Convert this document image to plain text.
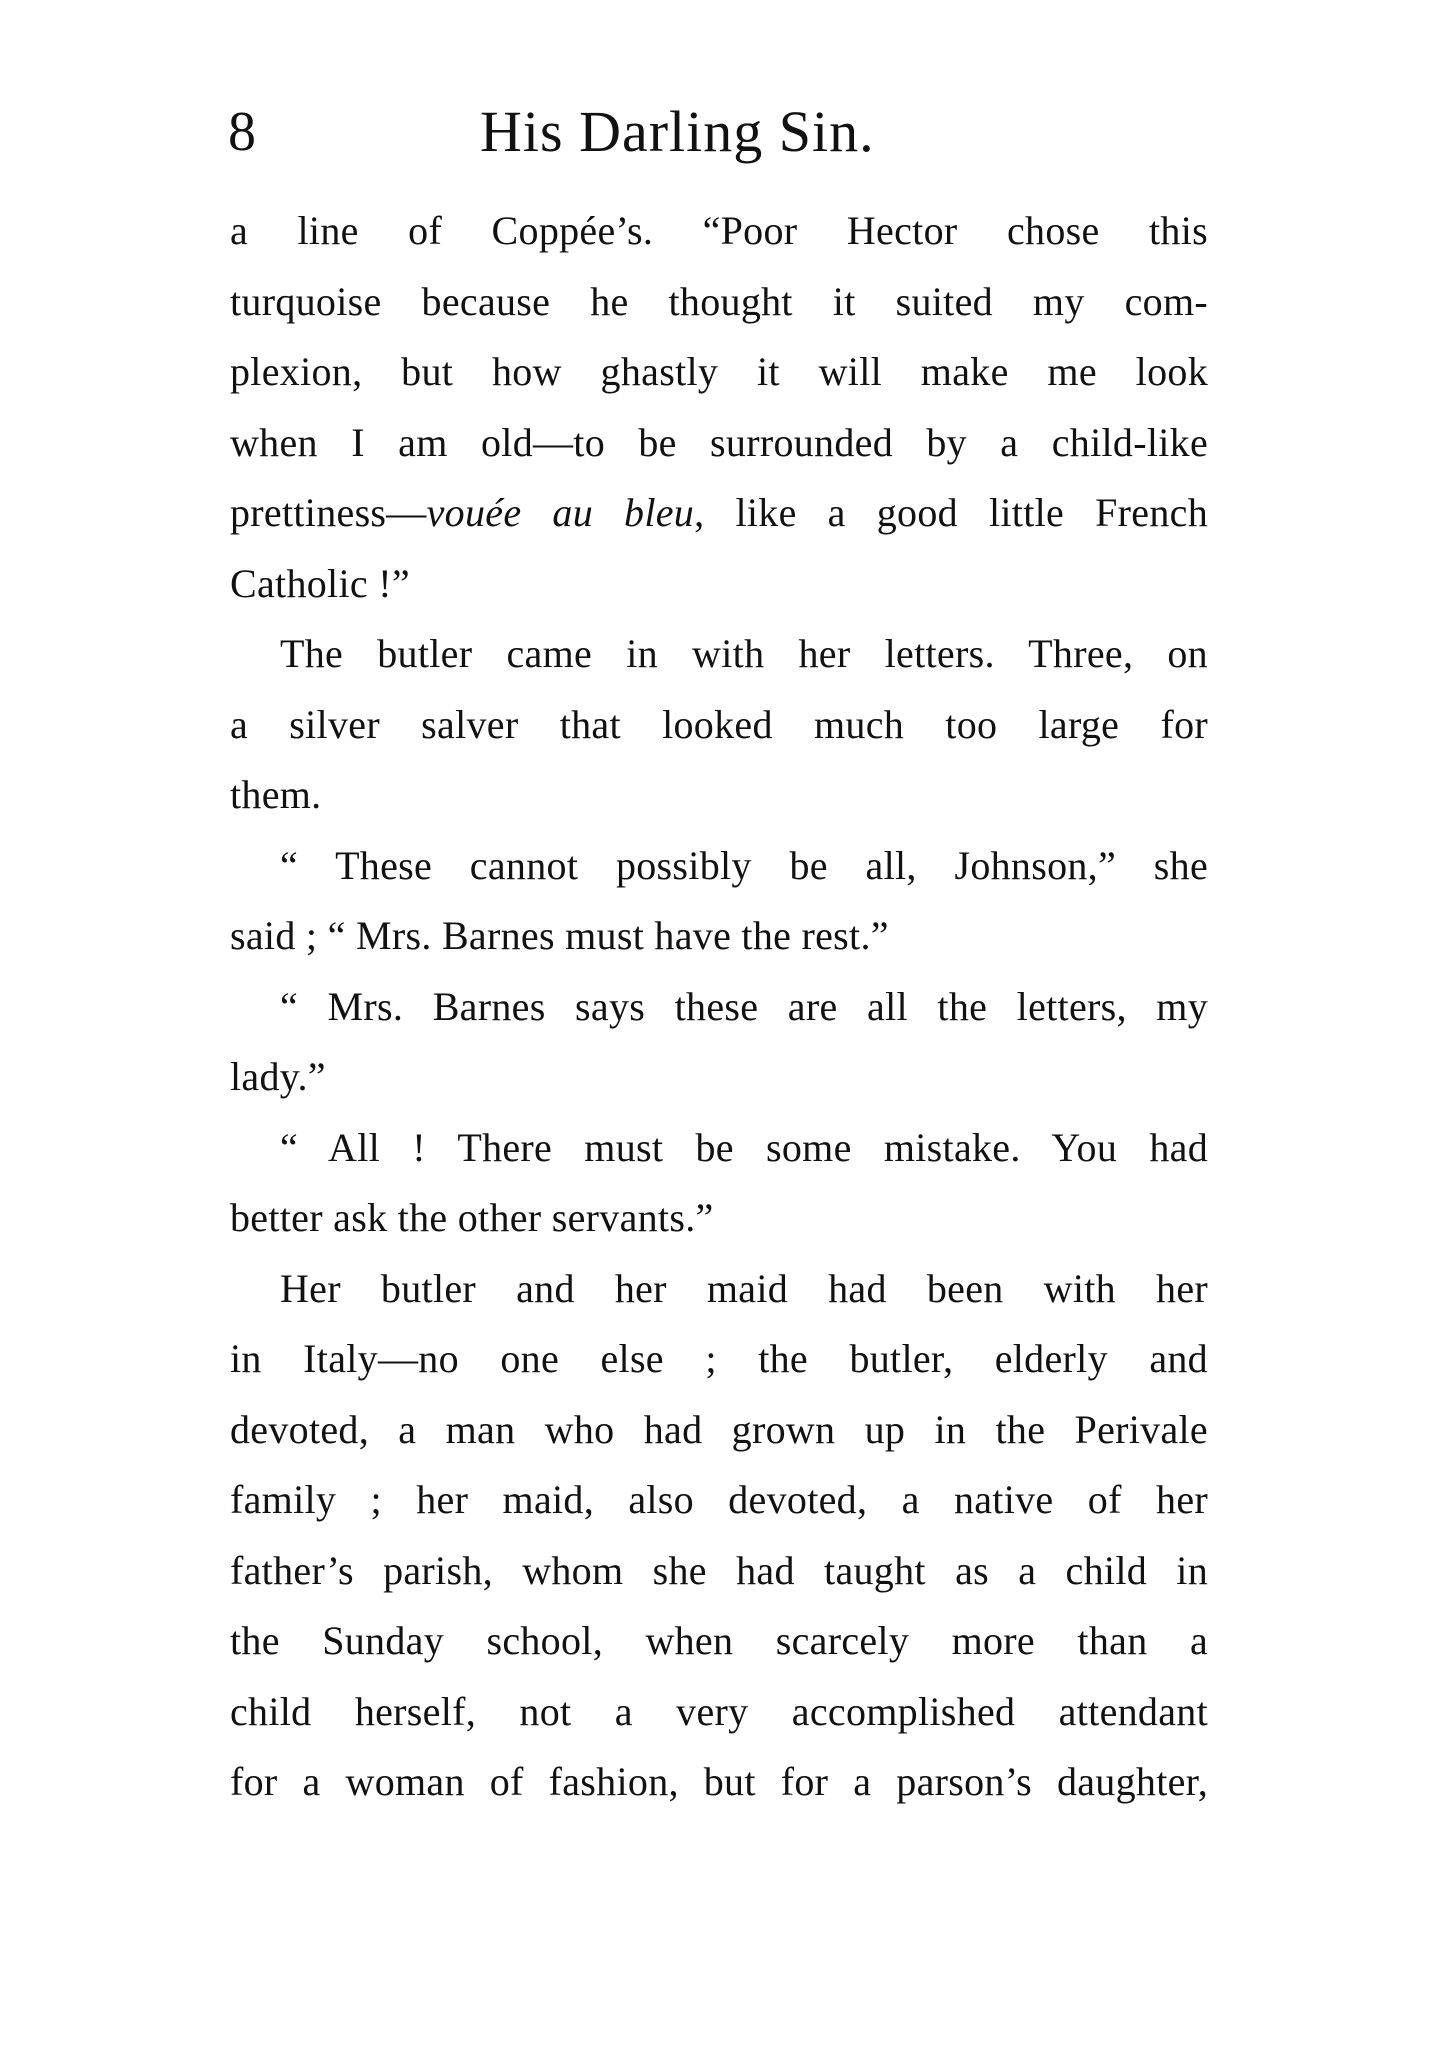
8	His Darling Sin.
a line of Coppée’s. “Poor Hector chose this
turquoise because he thought it suited my com-
plexion, but how ghastly it will make me look
when I am old—to be surrounded by a child-like
prettiness—vouée au bleu, like a good little French
Catholic !”
The butler came in with her letters. Three, on
a silver salver that looked much too large for
them.
“ These cannot possibly be all, Johnson,” she
said ; “ Mrs. Barnes must have the rest.”
“ Mrs. Barnes says these are all the letters, my
lady.”
“ All ! There must be some mistake. You had
better ask the other servants.”
Her butler and her maid had been with her
in Italy—no one else ; the butler, elderly and
devoted, a man who had grown up in the Perivale
family ; her maid, also devoted, a native of her
father’s parish, whom she had taught as a child in
the Sunday school, when scarcely more than a
child herself, not a very accomplished attendant
for a woman of fashion, but for a parson’s daughter,
